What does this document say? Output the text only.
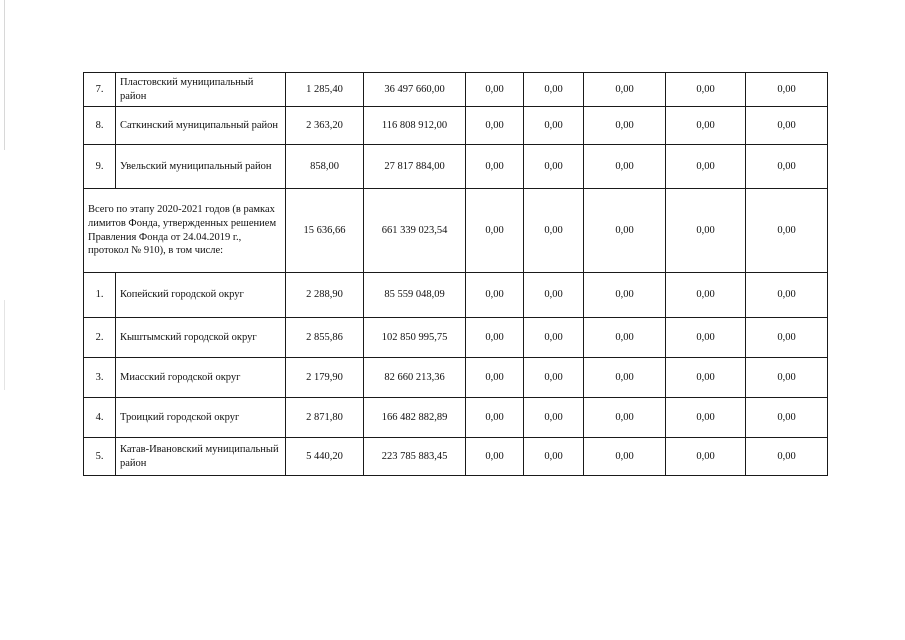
7.	Пластовский муниципальный район	1 285,40	36 497 660,00	0,00	0,00	0,00	0,00	0,00
8.	Саткинский муниципальный район	2 363,20	116 808 912,00	0,00	0,00	0,00	0,00	0,00
9.	Увельский муниципальный район	858,00	27 817 884,00	0,00	0,00	0,00	0,00	0,00
Всего по этапу 2020-2021 годов (в рамках лимитов Фонда, утвержденных решением Правления Фонда от 24.04.2019 г., протокол № 910), в том числе:		15 636,66	661 339 023,54	0,00	0,00	0,00	0,00	0,00
1.	Копейский городской округ	2 288,90	85 559 048,09	0,00	0,00	0,00	0,00	0,00
2.	Кыштымский городской округ	2 855,86	102 850 995,75	0,00	0,00	0,00	0,00	0,00
3.	Миасский городской округ	2 179,90	82 660 213,36	0,00	0,00	0,00	0,00	0,00
4.	Троицкий городской округ	2 871,80	166 482 882,89	0,00	0,00	0,00	0,00	0,00
5.	Катав-Ивановский муниципальный район	5 440,20	223 785 883,45	0,00	0,00	0,00	0,00	0,00
